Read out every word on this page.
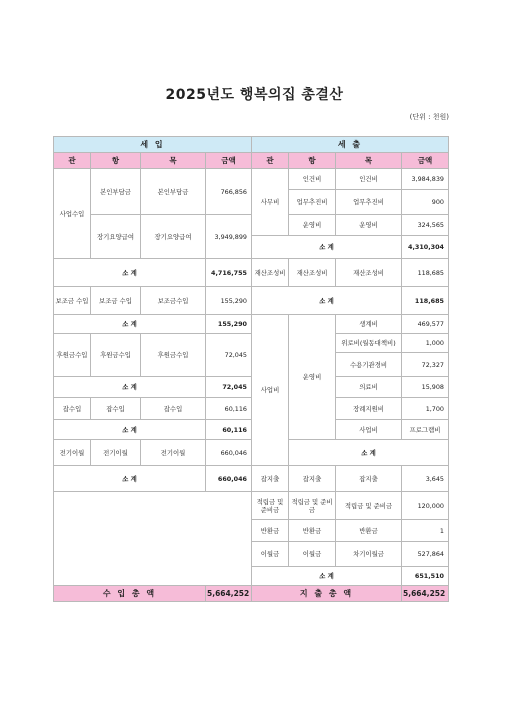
2025년도 행복의집 총결산
(단위 : 천원)
세 입				세 출				
관	항	목	금액	관	항	목	금액	
사업수입	본인부담금	본인부담금	766,856	사무비	인건비	인건비	3,984,839	
					업무추진비	업무추진비	900	
	장기요양급여	장기요양급여	3,949,899		운영비	운영비	324,565	
				소 계			4,310,304	
소 계			4,716,755	재산조성비	재산조성비	재산조성비	118,685	
보조금 수입	보조금 수입	보조금수입	155,290	소 계			118,685	
소 계			155,290	사업비	운영비	생계비	469,577	
후원금수입	후원금수입	후원금수입	72,045			위로비(월동대책비)	1,000	
						수용기관경비	72,327	
소 계			72,045			의료비	15,908	
잡수입	잡수입	잡수입	60,116			장례지원비	1,700	
소 계			60,116			사업비	프로그램비	
전기이월	전기이월	전기이월	660,046		소 계	
소 계			660,046	잡지출	잡지출	잡지출	3,645	
				적립금 및 준비금	적립금 및 준비금	적립금 및 준비금	120,000	
				반환금	반환금	반환금	1	
				이월금	이월금	차기이월금	527,864	
				소 계			651,510	
수 입 총 액			5,664,252	지 출 총 액			5,664,252	
